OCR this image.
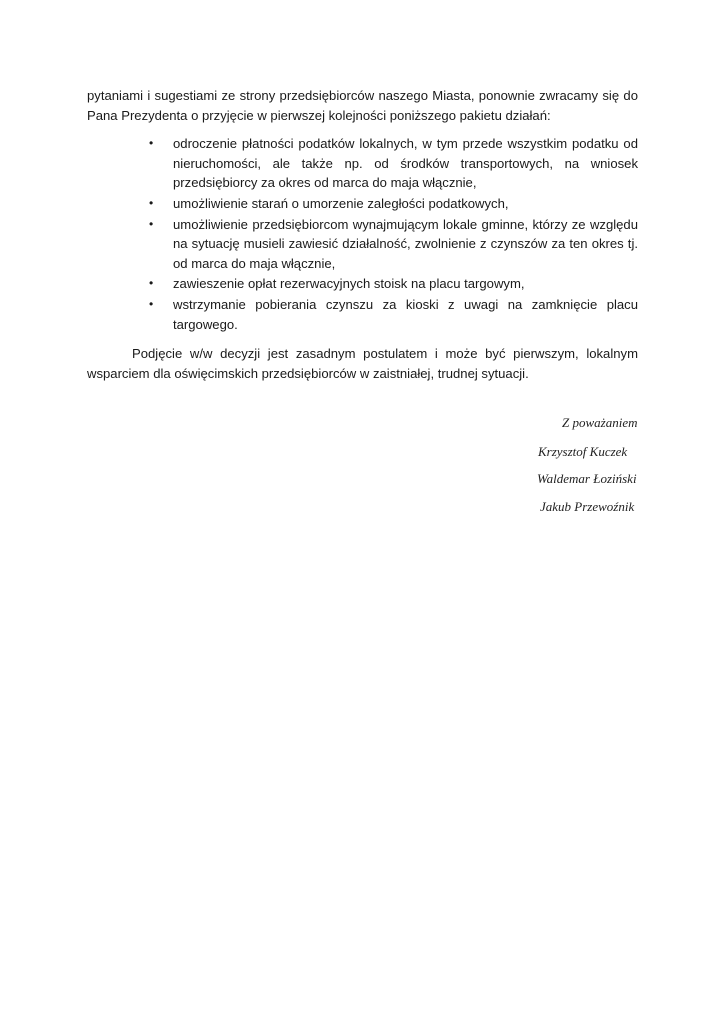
pytaniami i sugestiami ze strony przedsiębiorców naszego Miasta, ponownie zwracamy się do Pana Prezydenta o przyjęcie w pierwszej kolejności poniższego pakietu działań:

• odroczenie płatności podatków lokalnych, w tym przede wszystkim podatku od nieruchomości, ale także np. od środków transportowych, na wniosek przedsiębiorcy za okres od marca do maja włącznie,
• umożliwienie starań o umorzenie zaległości podatkowych,
• umożliwienie przedsiębiorcom wynajmującym lokale gminne, którzy ze względu na sytuację musieli zawiesić działalność, zwolnienie z czynszów za ten okres tj. od marca do maja włącznie,
• zawieszenie opłat rezerwacyjnych stoisk na placu targowym,
• wstrzymanie pobierania czynszu za kioski z uwagi na zamknięcie placu targowego.

Podjęcie w/w decyzji jest zasadnym postulatem i może być pierwszym, lokalnym wsparciem dla oświęcimskich przedsiębiorców w zaistniałej, trudnej sytuacji.

Z poważaniem
Krzysztof Kuczek
Waldemar Łoziński
Jakub Przewoźnik
